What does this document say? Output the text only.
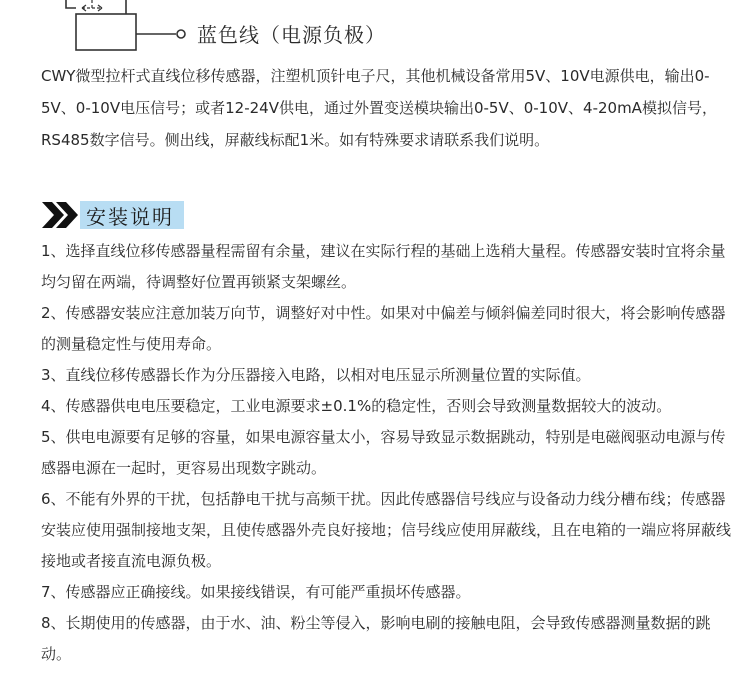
蓝色线（电源负极）
CWY微型拉杆式直线位移传感器，注塑机顶针电子尺，其他机械设备常用5V、10V电源供电，输出0-5V、0-10V电压信号；或者12-24V供电，通过外置变送模块输出0-5V、0-10V、4-20mA模拟信号，RS485数字信号。侧出线，屏蔽线标配1米。如有特殊要求请联系我们说明。
安装说明
1、选择直线位移传感器量程需留有余量，建议在实际行程的基础上选稍大量程。传感器安装时宜将余量均匀留在两端，待调整好位置再锁紧支架螺丝。
2、传感器安装应注意加装万向节，调整好对中性。如果对中偏差与倾斜偏差同时很大，将会影响传感器的测量稳定性与使用寿命。
3、直线位移传感器长作为分压器接入电路，以相对电压显示所测量位置的实际值。
4、传感器供电电压要稳定，工业电源要求±0.1%的稳定性，否则会导致测量数据较大的波动。
5、供电电源要有足够的容量，如果电源容量太小，容易导致显示数据跳动，特别是电磁阀驱动电源与传感器电源在一起时，更容易出现数字跳动。
6、不能有外界的干扰，包括静电干扰与高频干扰。因此传感器信号线应与设备动力线分槽布线；传感器安装应使用强制接地支架，且使传感器外壳良好接地；信号线应使用屏蔽线，且在电箱的一端应将屏蔽线接地或者接直流电源负极。
7、传感器应正确接线。如果接线错误，有可能严重损坏传感器。
8、长期使用的传感器，由于水、油、粉尘等侵入，影响电刷的接触电阻，会导致传感器测量数据的跳动。
